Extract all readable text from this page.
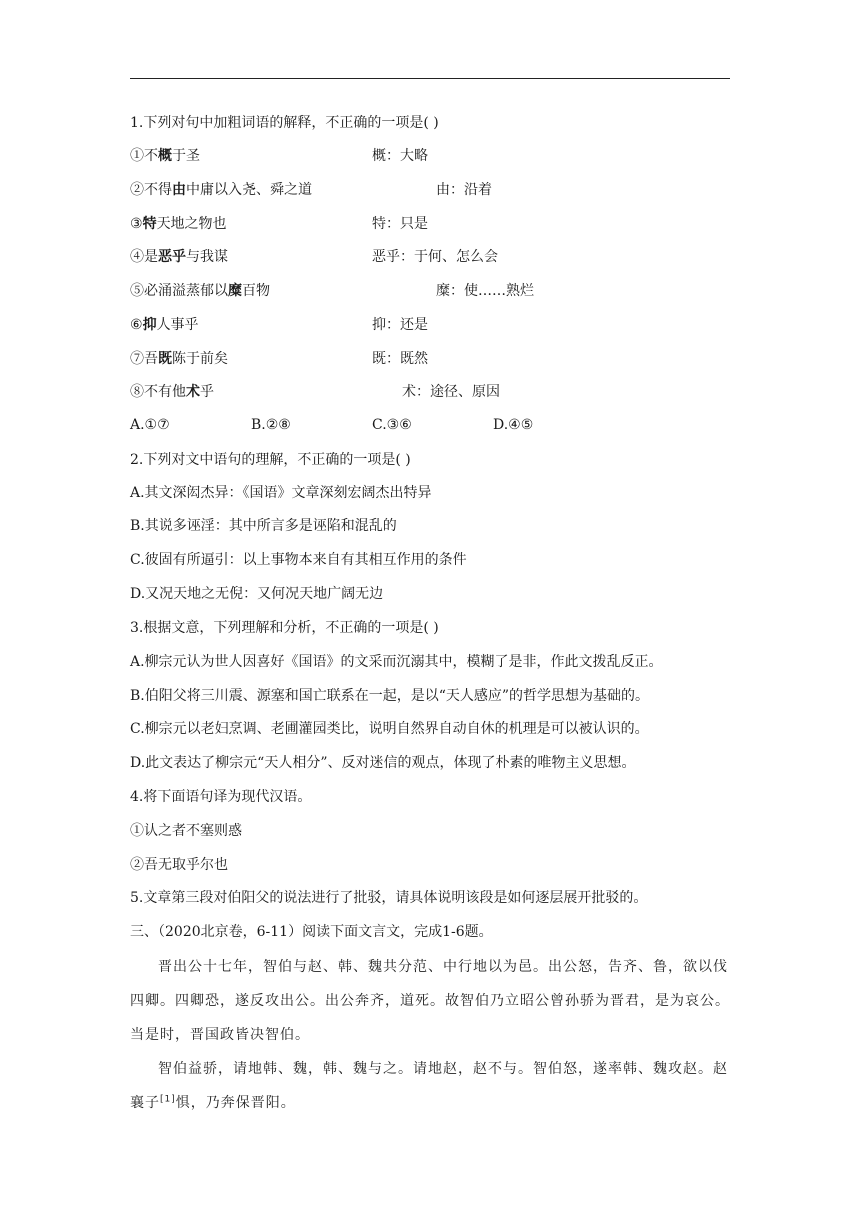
1.下列对句中加粗词语的解释，不正确的一项是( )
①不概于圣	概：大略
②不得由中庸以入尧、舜之道	由：沿着
③特天地之物也	特：只是
④是恶乎与我谋	恶乎：于何、怎么会
⑤必涌溢蒸郁以糜百物	糜：使……熟烂
⑥抑人事乎	抑：还是
⑦吾既陈于前矣	既：既然
⑧不有他术乎	术：途径、原因
A.①⑦	B.②⑧	C.③⑥	D.④⑤
2.下列对文中语句的理解，不正确的一项是( )
A.其文深闳杰异：《国语》文章深刻宏阔杰出特异
B.其说多诬淫：其中所言多是诬陷和混乱的
C.彼固有所逼引：以上事物本来自有其相互作用的条件
D.又况天地之无倪：又何况天地广阔无边
3.根据文意，下列理解和分析，不正确的一项是( )
A.柳宗元认为世人因喜好《国语》的文采而沉溺其中，模糊了是非，作此文拨乱反正。
B.伯阳父将三川震、源塞和国亡联系在一起，是以“天人感应”的哲学思想为基础的。
C.柳宗元以老妇烹调、老圃灌园类比，说明自然界自动自休的机理是可以被认识的。
D.此文表达了柳宗元“天人相分”、反对迷信的观点，体现了朴素的唯物主义思想。
4.将下面语句译为现代汉语。
①认之者不塞则惑
②吾无取乎尔也
5.文章第三段对伯阳父的说法进行了批驳，请具体说明该段是如何逐层展开批驳的。
三、（2020北京卷，6-11）阅读下面文言文，完成1-6题。

晋出公十七年，智伯与赵、韩、魏共分范、中行地以为邑。出公怒，告齐、鲁，欲以伐四卿。四卿恐，遂反攻出公。出公奔齐，道死。故智伯乃立昭公曾孙骄为晋君，是为哀公。当是时，晋国政皆决智伯。

智伯益骄，请地韩、魏，韩、魏与之。请地赵，赵不与。智伯怒，遂率韩、魏攻赵。赵襄子[1]惧，乃奔保晋阳。
